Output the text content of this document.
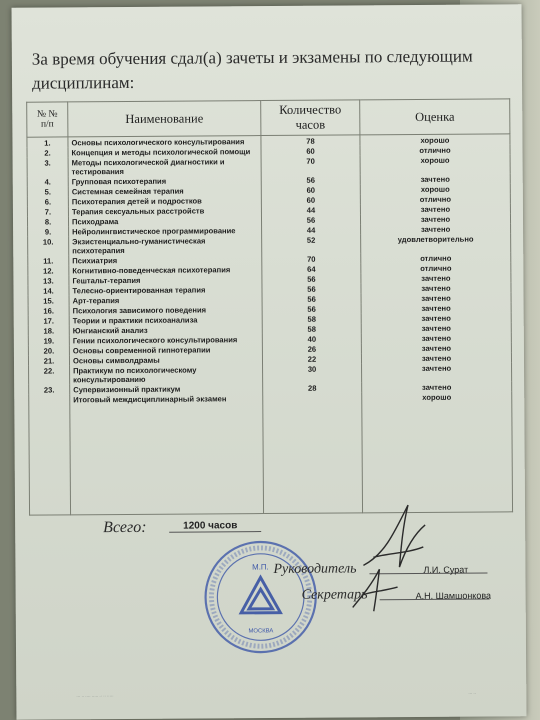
За время обучения сдал(а) зачеты и экзамены по следующим
дисциплинам:
№ №
п/п	Наименование	Количество часов	Оценка
1.	Основы психологического консультирования	78	хорошо
2.	Концепция и методы психологической помощи	60	отлично
3.	Методы психологической диагностики и тестирования	70	хорошо
4.	Групповая психотерапия	56	зачтено
5.	Системная семейная терапия	60	хорошо
6.	Психотерапия детей и подростков	60	отлично
7.	Терапия сексуальных расстройств	44	зачтено
8.	Психодрама	56	зачтено
9.	Нейролингвистическое программирование	44	зачтено
10.	Экзистенциально-гуманистическая психотерапия	52	удовлетворительно
11.	Психиатрия	70	отлично
12.	Когнитивно-поведенческая психотерапия	64	отлично
13.	Гештальт-терапия	56	зачтено
14.	Телесно-ориентированная терапия	56	зачтено
15.	Арт-терапия	56	зачтено
16.	Психология зависимого поведения	56	зачтено
17.	Теории и практики психоанализа	58	зачтено
18.	Юнгианский анализ	58	зачтено
19.	Гении психологического консультирования	40	зачтено
20.	Основы современной гипнотерапии	26	зачтено
21.	Основы символдрамы	22	зачтено
22.	Практикум по психологическому консультированию	30	зачтено
23.	Супервизионный практикум	28	зачтено
	Итоговый междисциплинарный экзамен		хорошо
Всего:	1200 часов
М.П.
МОСКВА
Руководитель	Л.И. Сурат
Секретарь	А.Н. Шамшонкова
··· ·· ···· ····· ·· ·· ·····
··· ··
